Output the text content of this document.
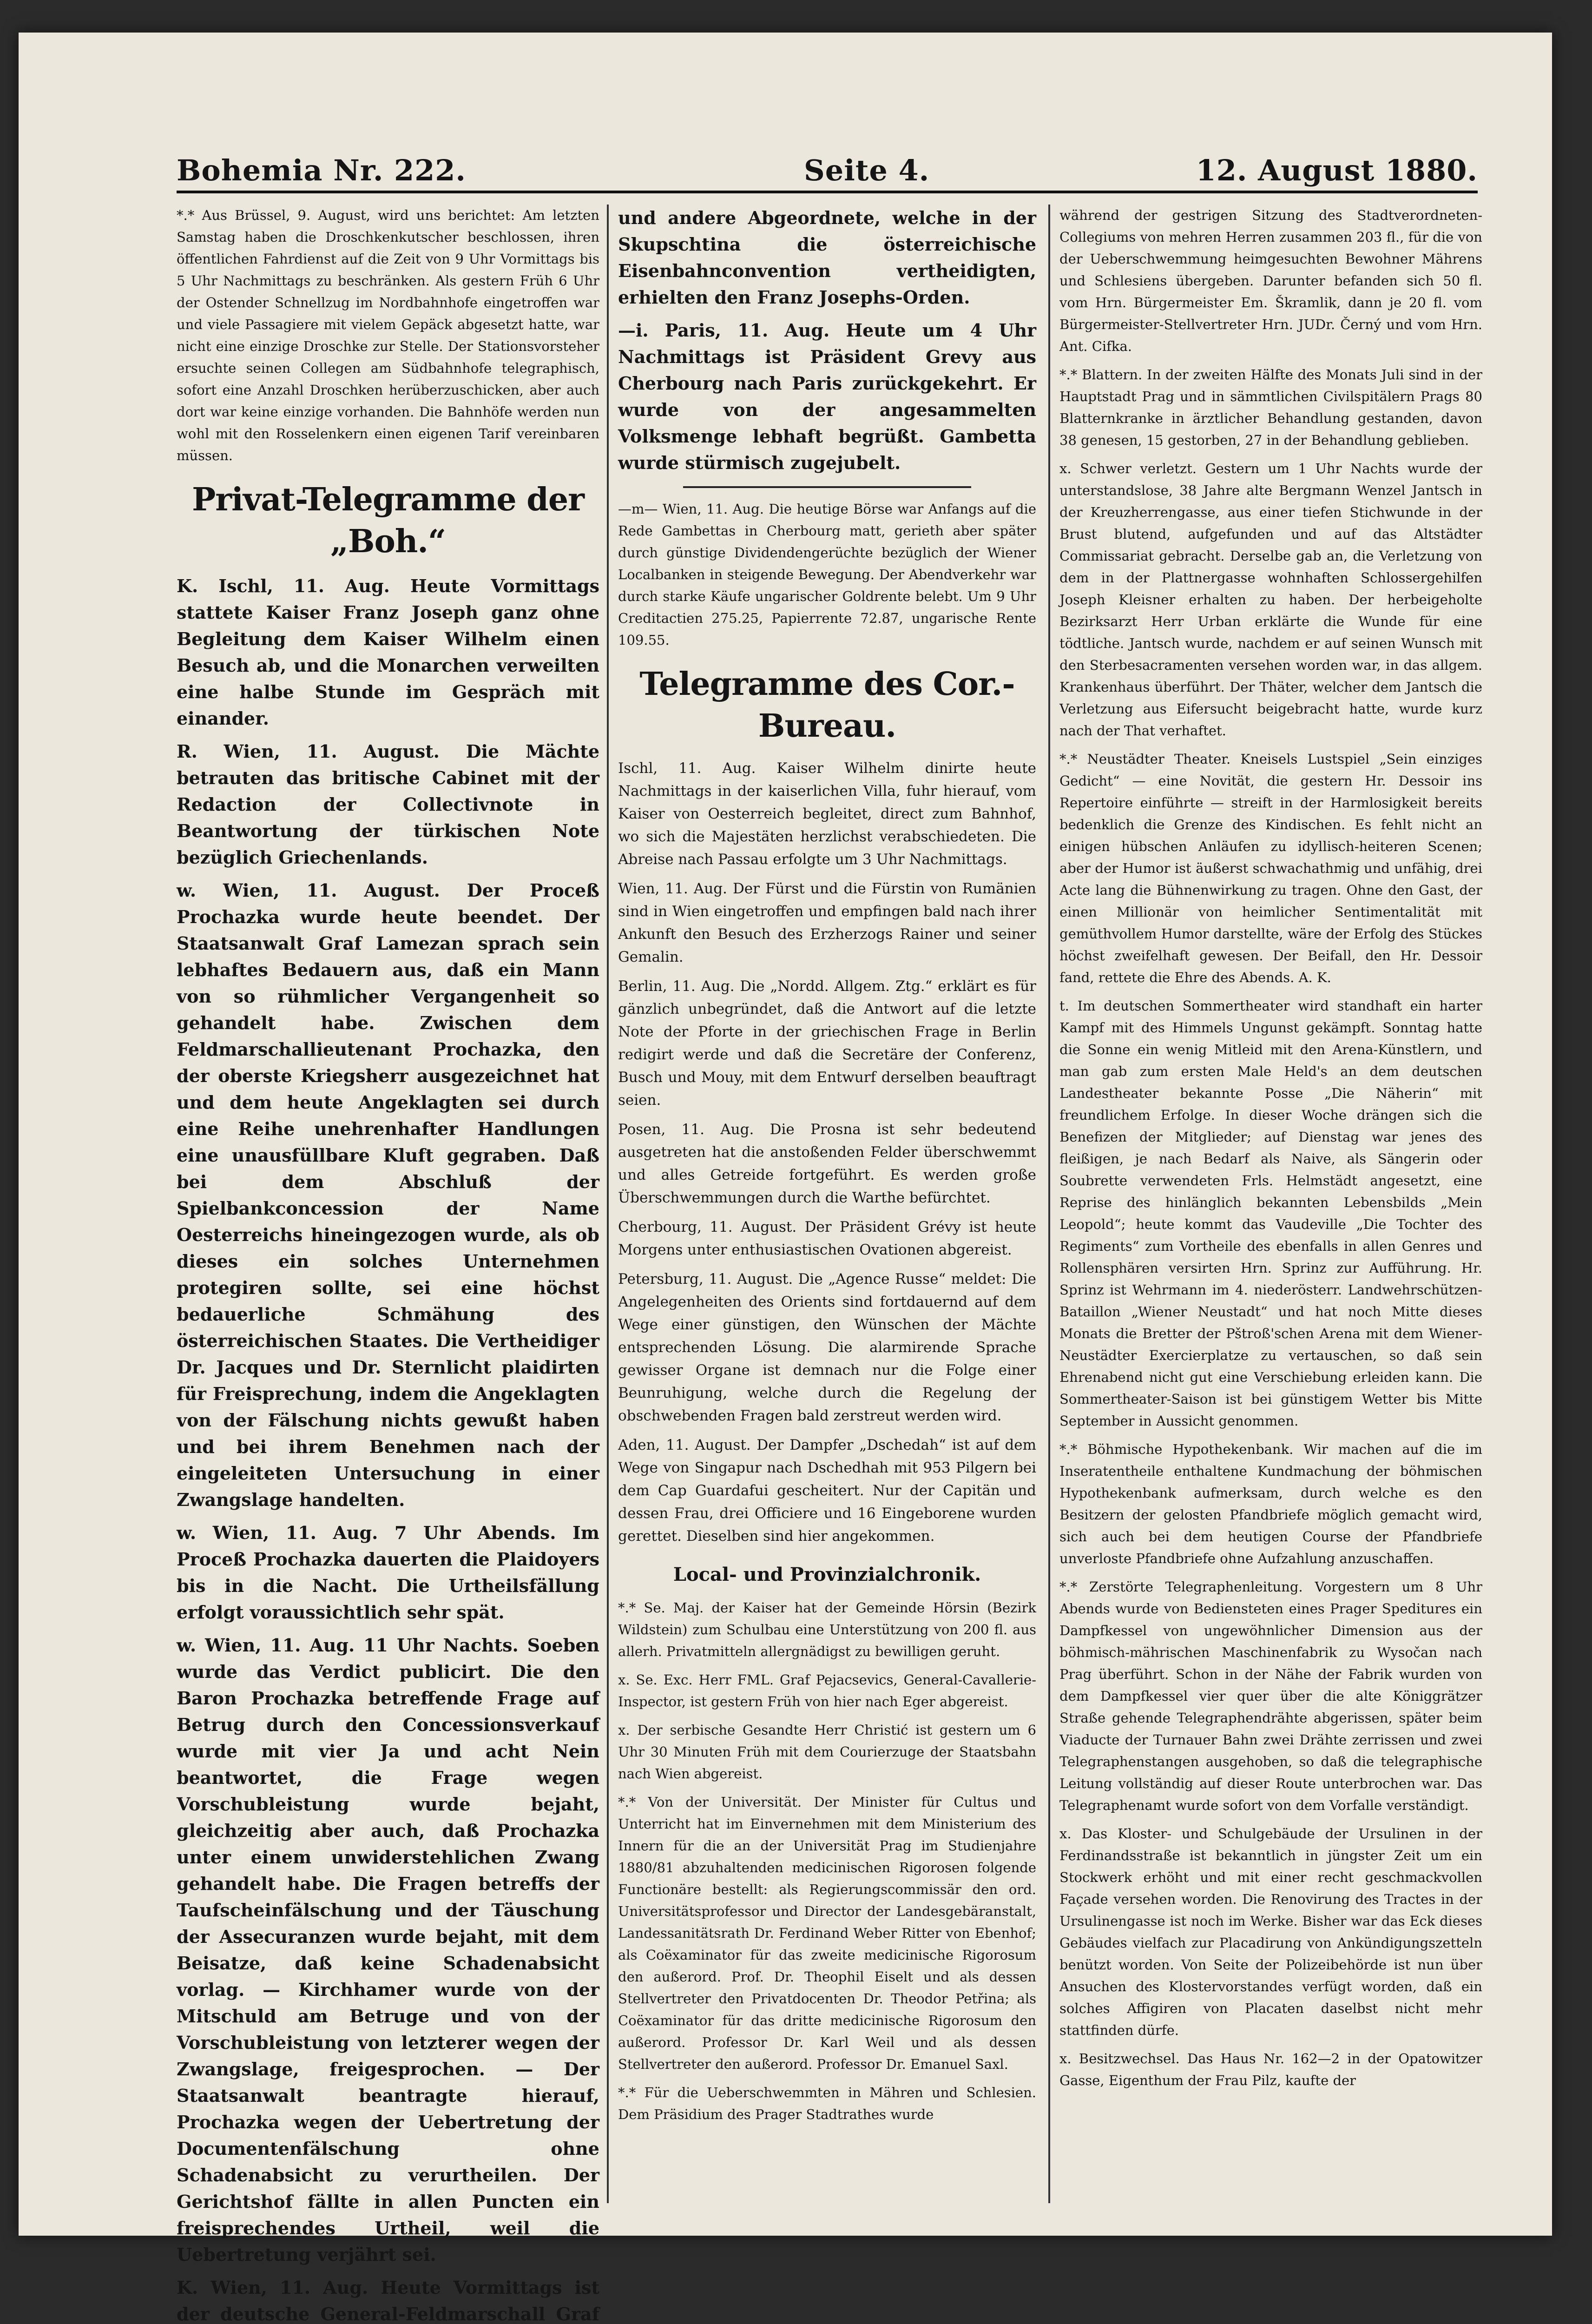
Bohemia Nr. 222.	Seite 4.	12. August 1880.

*.* Aus Brüssel, 9. August, wird uns berichtet: Am letzten Samstag haben die Droschkenkutscher beschlossen, ihren öffentlichen Fahrdienst auf die Zeit von 9 Uhr Vormittags bis 5 Uhr Nachmittags zu beschränken. Als gestern Früh 6 Uhr der Ostender Schnellzug im Nordbahnhofe eingetroffen war und viele Passagiere mit vielem Gepäck abgesetzt hatte, war nicht eine einzige Droschke zur Stelle. Der Stationsvorsteher ersuchte seinen Collegen am Südbahnhofe telegraphisch, sofort eine Anzahl Droschken herüberzuschicken, aber auch dort war keine einzige vorhanden. Die Bahnhöfe werden nun wohl mit den Rosselenkern einen eigenen Tarif vereinbaren müssen.

Privat-Telegramme der „Boh.“

K. Ischl, 11. Aug. Heute Vormittags stattete Kaiser Franz Joseph ganz ohne Begleitung dem Kaiser Wilhelm einen Besuch ab, und die Monarchen verweilten eine halbe Stunde im Gespräch mit einander.

R. Wien, 11. August. Die Mächte betrauten das britische Cabinet mit der Redaction der Collectivnote in Beantwortung der türkischen Note bezüglich Griechenlands.

w. Wien, 11. August. Der Proceß Prochazka wurde heute beendet. Der Staatsanwalt Graf Lamezan sprach sein lebhaftes Bedauern aus, daß ein Mann von so rühmlicher Vergangenheit so gehandelt habe. Zwischen dem Feldmarschallieutenant Prochazka, den der oberste Kriegsherr ausgezeichnet hat und dem heute Angeklagten sei durch eine Reihe unehrenhafter Handlungen eine unausfüllbare Kluft gegraben. Daß bei dem Abschluß der Spielbankconcession der Name Oesterreichs hineingezogen wurde, als ob dieses ein solches Unternehmen protegiren sollte, sei eine höchst bedauerliche Schmähung des österreichischen Staates. Die Vertheidiger Dr. Jacques und Dr. Sternlicht plaidirten für Freisprechung, indem die Angeklagten von der Fälschung nichts gewußt haben und bei ihrem Benehmen nach der eingeleiteten Untersuchung in einer Zwangslage handelten.

w. Wien, 11. Aug. 7 Uhr Abends. Im Proceß Prochazka dauerten die Plaidoyers bis in die Nacht. Die Urtheilsfällung erfolgt voraussichtlich sehr spät.

w. Wien, 11. Aug. 11 Uhr Nachts. Soeben wurde das Verdict publicirt. Die den Baron Prochazka betreffende Frage auf Betrug durch den Concessionsverkauf wurde mit vier Ja und acht Nein beantwortet, die Frage wegen Vorschubleistung wurde bejaht, gleichzeitig aber auch, daß Prochazka unter einem unwiderstehlichen Zwang gehandelt habe. Die Fragen betreffs der Taufscheinfälschung und der Täuschung der Assecuranzen wurde bejaht, mit dem Beisatze, daß keine Schadenabsicht vorlag. — Kirchhamer wurde von der Mitschuld am Betruge und von der Vorschubleistung von letzterer wegen der Zwangslage, freigesprochen. — Der Staatsanwalt beantragte hierauf, Prochazka wegen der Uebertretung der Documentenfälschung ohne Schadenabsicht zu verurtheilen. Der Gerichtshof fällte in allen Puncten ein freisprechendes Urtheil, weil die Uebertretung verjährt sei.

K. Wien, 11. Aug. Heute Vormittags ist der deutsche General-Feldmarschall Graf

und andere Abgeordnete, welche in der Skupschtina die österreichische Eisenbahnconvention vertheidigten, erhielten den Franz Josephs-Orden.

—i. Paris, 11. Aug. Heute um 4 Uhr Nachmittags ist Präsident Grevy aus Cherbourg nach Paris zurückgekehrt. Er wurde von der angesammelten Volksmenge lebhaft begrüßt. Gambetta wurde stürmisch zugejubelt.

—m— Wien, 11. Aug. Die heutige Börse war Anfangs auf die Rede Gambettas in Cherbourg matt, gerieth aber später durch günstige Dividendengerüchte bezüglich der Wiener Localbanken in steigende Bewegung. Der Abendverkehr war durch starke Käufe ungarischer Goldrente belebt. Um 9 Uhr Creditactien 275.25, Papierrente 72.87, ungarische Rente 109.55.

Telegramme des Cor.-Bureau.

Ischl, 11. Aug. Kaiser Wilhelm dinirte heute Nachmittags in der kaiserlichen Villa, fuhr hierauf, vom Kaiser von Oesterreich begleitet, direct zum Bahnhof, wo sich die Majestäten herzlichst verabschiedeten. Die Abreise nach Passau erfolgte um 3 Uhr Nachmittags.

Wien, 11. Aug. Der Fürst und die Fürstin von Rumänien sind in Wien eingetroffen und empfingen bald nach ihrer Ankunft den Besuch des Erzherzogs Rainer und seiner Gemalin.

Berlin, 11. Aug. Die „Nordd. Allgem. Ztg.“ erklärt es für gänzlich unbegründet, daß die Antwort auf die letzte Note der Pforte in der griechischen Frage in Berlin redigirt werde und daß die Secretäre der Conferenz, Busch und Mouy, mit dem Entwurf derselben beauftragt seien.

Posen, 11. Aug. Die Prosna ist sehr bedeutend ausgetreten hat die anstoßenden Felder überschwemmt und alles Getreide fortgeführt. Es werden große Überschwemmungen durch die Warthe befürchtet.

Cherbourg, 11. August. Der Präsident Grévy ist heute Morgens unter enthusiastischen Ovationen abgereist.

Petersburg, 11. August. Die „Agence Russe“ meldet: Die Angelegenheiten des Orients sind fortdauernd auf dem Wege einer günstigen, den Wünschen der Mächte entsprechenden Lösung. Die alarmirende Sprache gewisser Organe ist demnach nur die Folge einer Beunruhigung, welche durch die Regelung der obschwebenden Fragen bald zerstreut werden wird.

Aden, 11. August. Der Dampfer „Dschedah“ ist auf dem Wege von Singapur nach Dschedhah mit 953 Pilgern bei dem Cap Guardafui gescheitert. Nur der Capitän und dessen Frau, drei Officiere und 16 Eingeborene wurden gerettet. Dieselben sind hier angekommen.

Local- und Provinzialchronik.

*.* Se. Maj. der Kaiser hat der Gemeinde Hörsin (Bezirk Wildstein) zum Schulbau eine Unterstützung von 200 fl. aus allerh. Privatmitteln allergnädigst zu bewilligen geruht.

x. Se. Exc. Herr FML. Graf Pejacsevics, General-Cavallerie-Inspector, ist gestern Früh von hier nach Eger abgereist.

x. Der serbische Gesandte Herr Christić ist gestern um 6 Uhr 30 Minuten Früh mit dem Courierzuge der Staatsbahn nach Wien abgereist.

*.* Von der Universität. Der Minister für Cultus und Unterricht hat im Einvernehmen mit dem Ministerium des Innern für die an der Universität Prag im Studienjahre 1880/81 abzuhaltenden medicinischen Rigorosen folgende Functionäre bestellt: als Regierungscommissär den ord. Universitätsprofessor und Director der Landesgebäranstalt, Landessanitätsrath Dr. Ferdinand Weber Ritter von Ebenhof; als Coëxaminator für das zweite medicinische Rigorosum den außerord. Prof. Dr. Theophil Eiselt und als dessen Stellvertreter den Privatdocenten Dr. Theodor Petřina; als Coëxaminator für das dritte medicinische Rigorosum den außerord. Professor Dr. Karl Weil und als dessen Stellvertreter den außerord. Professor Dr. Emanuel Saxl.

*.* Für die Ueberschwemmten in Mähren und Schlesien. Dem Präsidium des Prager Stadtrathes wurde

während der gestrigen Sitzung des Stadtverordneten-Collegiums von mehren Herren zusammen 203 fl., für die von der Ueberschwemmung heimgesuchten Bewohner Mährens und Schlesiens übergeben. Darunter befanden sich 50 fl. vom Hrn. Bürgermeister Em. Škramlik, dann je 20 fl. vom Bürgermeister-Stellvertreter Hrn. JUDr. Černý und vom Hrn. Ant. Cifka.

*.* Blattern. In der zweiten Hälfte des Monats Juli sind in der Hauptstadt Prag und in sämmtlichen Civilspitälern Prags 80 Blatternkranke in ärztlicher Behandlung gestanden, davon 38 genesen, 15 gestorben, 27 in der Behandlung geblieben.

x. Schwer verletzt. Gestern um 1 Uhr Nachts wurde der unterstandslose, 38 Jahre alte Bergmann Wenzel Jantsch in der Kreuzherrengasse, aus einer tiefen Stichwunde in der Brust blutend, aufgefunden und auf das Altstädter Commissariat gebracht. Derselbe gab an, die Verletzung von dem in der Plattnergasse wohnhaften Schlossergehilfen Joseph Kleisner erhalten zu haben. Der herbeigeholte Bezirksarzt Herr Urban erklärte die Wunde für eine tödtliche. Jantsch wurde, nachdem er auf seinen Wunsch mit den Sterbesacramenten versehen worden war, in das allgem. Krankenhaus überführt. Der Thäter, welcher dem Jantsch die Verletzung aus Eifersucht beigebracht hatte, wurde kurz nach der That verhaftet.

*.* Neustädter Theater. Kneisels Lustspiel „Sein einziges Gedicht“ — eine Novität, die gestern Hr. Dessoir ins Repertoire einführte — streift in der Harmlosigkeit bereits bedenklich die Grenze des Kindischen. Es fehlt nicht an einigen hübschen Anläufen zu idyllisch-heiteren Scenen; aber der Humor ist äußerst schwachathmig und unfähig, drei Acte lang die Bühnenwirkung zu tragen. Ohne den Gast, der einen Millionär von heimlicher Sentimentalität mit gemüthvollem Humor darstellte, wäre der Erfolg des Stückes höchst zweifelhaft gewesen. Der Beifall, den Hr. Dessoir fand, rettete die Ehre des Abends. A. K.

t. Im deutschen Sommertheater wird standhaft ein harter Kampf mit des Himmels Ungunst gekämpft. Sonntag hatte die Sonne ein wenig Mitleid mit den Arena-Künstlern, und man gab zum ersten Male Held's an dem deutschen Landestheater bekannte Posse „Die Näherin“ mit freundlichem Erfolge. In dieser Woche drängen sich die Benefizen der Mitglieder; auf Dienstag war jenes des fleißigen, je nach Bedarf als Naive, als Sängerin oder Soubrette verwendeten Frls. Helmstädt angesetzt, eine Reprise des hinlänglich bekannten Lebensbilds „Mein Leopold“; heute kommt das Vaudeville „Die Tochter des Regiments“ zum Vortheile des ebenfalls in allen Genres und Rollensphären versirten Hrn. Sprinz zur Aufführung. Hr. Sprinz ist Wehrmann im 4. niederösterr. Landwehrschützen-Bataillon „Wiener Neustadt“ und hat noch Mitte dieses Monats die Bretter der Pštroß'schen Arena mit dem Wiener-Neustädter Exercierplatze zu vertauschen, so daß sein Ehrenabend nicht gut eine Verschiebung erleiden kann. Die Sommertheater-Saison ist bei günstigem Wetter bis Mitte September in Aussicht genommen.

*.* Böhmische Hypothekenbank. Wir machen auf die im Inseratentheile enthaltene Kundmachung der böhmischen Hypothekenbank aufmerksam, durch welche es den Besitzern der gelosten Pfandbriefe möglich gemacht wird, sich auch bei dem heutigen Course der Pfandbriefe unverloste Pfandbriefe ohne Aufzahlung anzuschaffen.

*.* Zerstörte Telegraphenleitung. Vorgestern um 8 Uhr Abends wurde von Bediensteten eines Prager Speditures ein Dampfkessel von ungewöhnlicher Dimension aus der böhmisch-mährischen Maschinenfabrik zu Wysočan nach Prag überführt. Schon in der Nähe der Fabrik wurden von dem Dampfkessel vier quer über die alte Königgrätzer Straße gehende Telegraphendrähte abgerissen, später beim Viaducte der Turnauer Bahn zwei Drähte zerrissen und zwei Telegraphenstangen ausgehoben, so daß die telegraphische Leitung vollständig auf dieser Route unterbrochen war. Das Telegraphenamt wurde sofort von dem Vorfalle verständigt.

x. Das Kloster- und Schulgebäude der Ursulinen in der Ferdinandsstraße ist bekanntlich in jüngster Zeit um ein Stockwerk erhöht und mit einer recht geschmackvollen Façade versehen worden. Die Renovirung des Tractes in der Ursulinengasse ist noch im Werke. Bisher war das Eck dieses Gebäudes vielfach zur Placadirung von Ankündigungszetteln benützt worden. Von Seite der Polizeibehörde ist nun über Ansuchen des Klostervorstandes verfügt worden, daß ein solches Affigiren von Placaten daselbst nicht mehr stattfinden dürfe.

x. Besitzwechsel. Das Haus Nr. 162—2 in der Opatowitzer Gasse, Eigenthum der Frau Pilz, kaufte der
